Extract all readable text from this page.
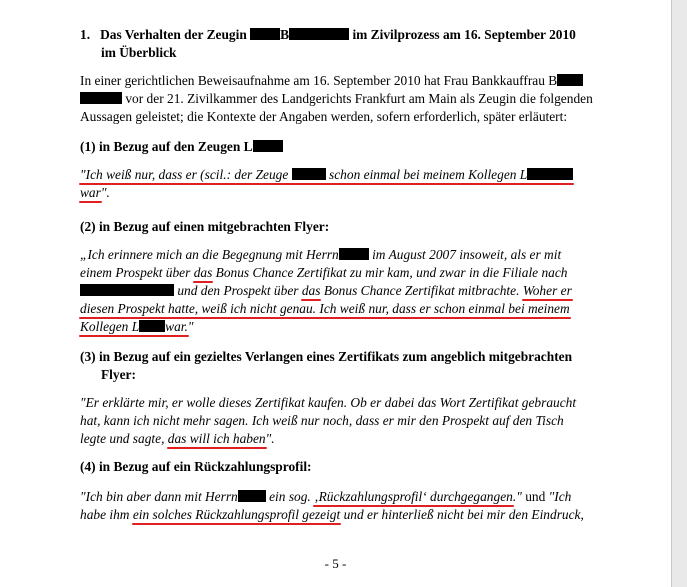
1. Das Verhalten der Zeugin B	im Zivilprozess am 16. September 2010
im Überblick
In einer gerichtlichen Beweisaufnahme am 16. September 2010 hat Frau Bankkauffrau B
vor der 21. Zivilkammer des Landgerichts Frankfurt am Main als Zeugin die folgenden
Aussagen geleistet; die Kontexte der Angaben werden, sofern erforderlich, später erläutert:
(1) in Bezug auf den Zeugen L
"Ich weiß nur, dass er (scil.: der Zeuge	schon einmal bei meinem Kollegen L
war".
(2) in Bezug auf einen mitgebrachten Flyer:
„Ich erinnere mich an die Begegnung mit Herrn im August 2007 insoweit, als er mit
einem Prospekt über das Bonus Chance Zertifikat zu mir kam, und zwar in die Filiale nach
und den Prospekt über das Bonus Chance Zertifikat mitbrachte. Woher er
diesen Prospekt hatte, weiß ich nicht genau. Ich weiß nur, dass er schon einmal bei meinem
Kollegen L war."
(3) in Bezug auf ein gezieltes Verlangen eines Zertifikats zum angeblich mitgebrachten
Flyer:
"Er erklärte mir, er wolle dieses Zertifikat kaufen. Ob er dabei das Wort Zertifikat gebraucht
hat, kann ich nicht mehr sagen. Ich weiß nur noch, dass er mir den Prospekt auf den Tisch
legte und sagte, das will ich haben".
(4) in Bezug auf ein Rückzahlungsprofil:
"Ich bin aber dann mit Herrn ein sog. ‚Rückzahlungsprofil‘ durchgegangen." und "Ich
habe ihm ein solches Rückzahlungsprofil gezeigt und er hinterließ nicht bei mir den Eindruck,
- 5 -
